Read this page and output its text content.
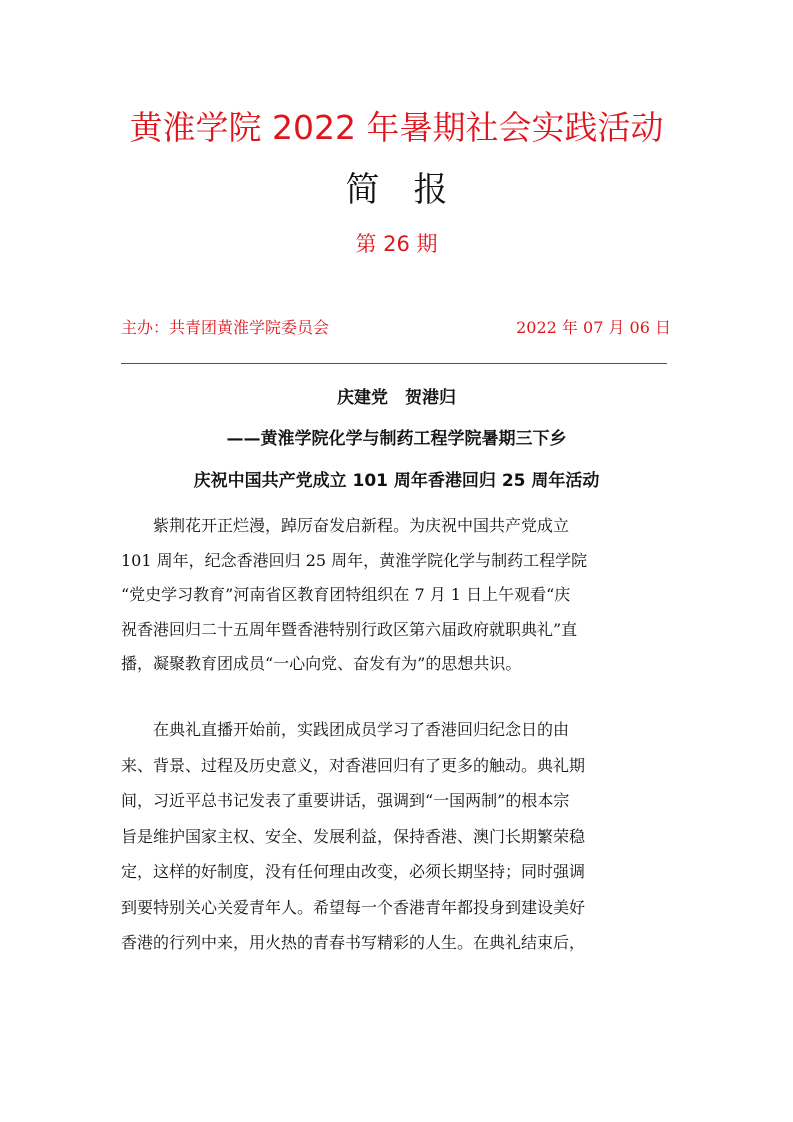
黄淮学院 2022 年暑期社会实践活动
简 报
第 26 期
主办：共青团黄淮学院委员会	2022 年 07 月 06 日
庆建党 贺港归
——黄淮学院化学与制药工程学院暑期三下乡
庆祝中国共产党成立 101 周年香港回归 25 周年活动
紫荆花开正烂漫，踔厉奋发启新程。为庆祝中国共产党成立
101 周年，纪念香港回归 25 周年，黄淮学院化学与制药工程学院
“党史学习教育”河南省区教育团特组织在 7 月 1 日上午观看“庆
祝香港回归二十五周年暨香港特别行政区第六届政府就职典礼”直
播，凝聚教育团成员“一心向党、奋发有为”的思想共识。
在典礼直播开始前，实践团成员学习了香港回归纪念日的由
来、背景、过程及历史意义，对香港回归有了更多的触动。典礼期
间，习近平总书记发表了重要讲话，强调到“一国两制”的根本宗
旨是维护国家主权、安全、发展利益，保持香港、澳门长期繁荣稳
定，这样的好制度，没有任何理由改变，必须长期坚持；同时强调
到要特别关心关爱青年人。希望每一个香港青年都投身到建设美好
香港的行列中来，用火热的青春书写精彩的人生。在典礼结束后，
